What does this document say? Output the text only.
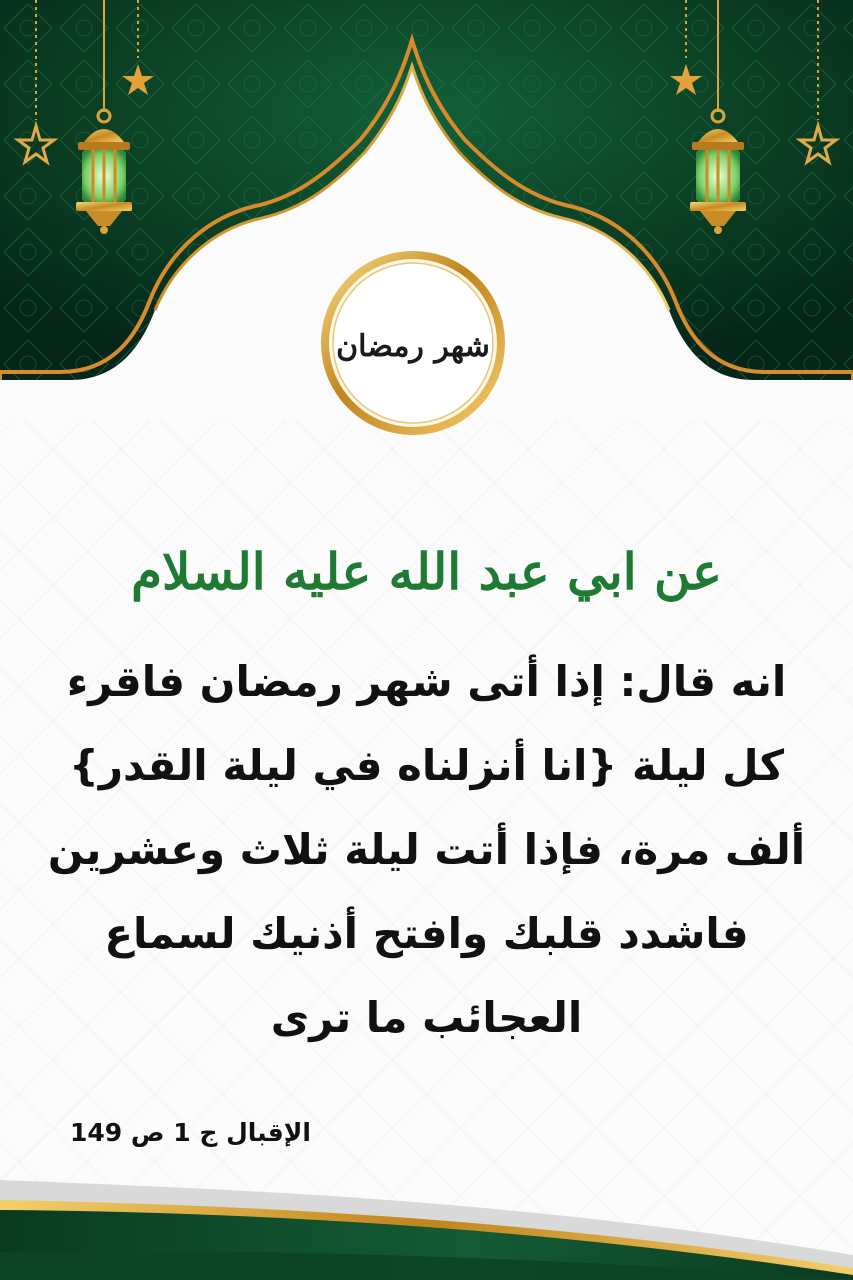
شهر رمضان
عن ابي عبد الله عليه السلام
انه قال: إذا أتى شهر رمضان فاقرء
كل ليلة {انا أنزلناه في ليلة القدر}
ألف مرة، فإذا أتت ليلة ثلاث وعشرين
فاشدد قلبك وافتح أذنيك لسماع
العجائب ما ترى
الإقبال ج 1 ص 149
